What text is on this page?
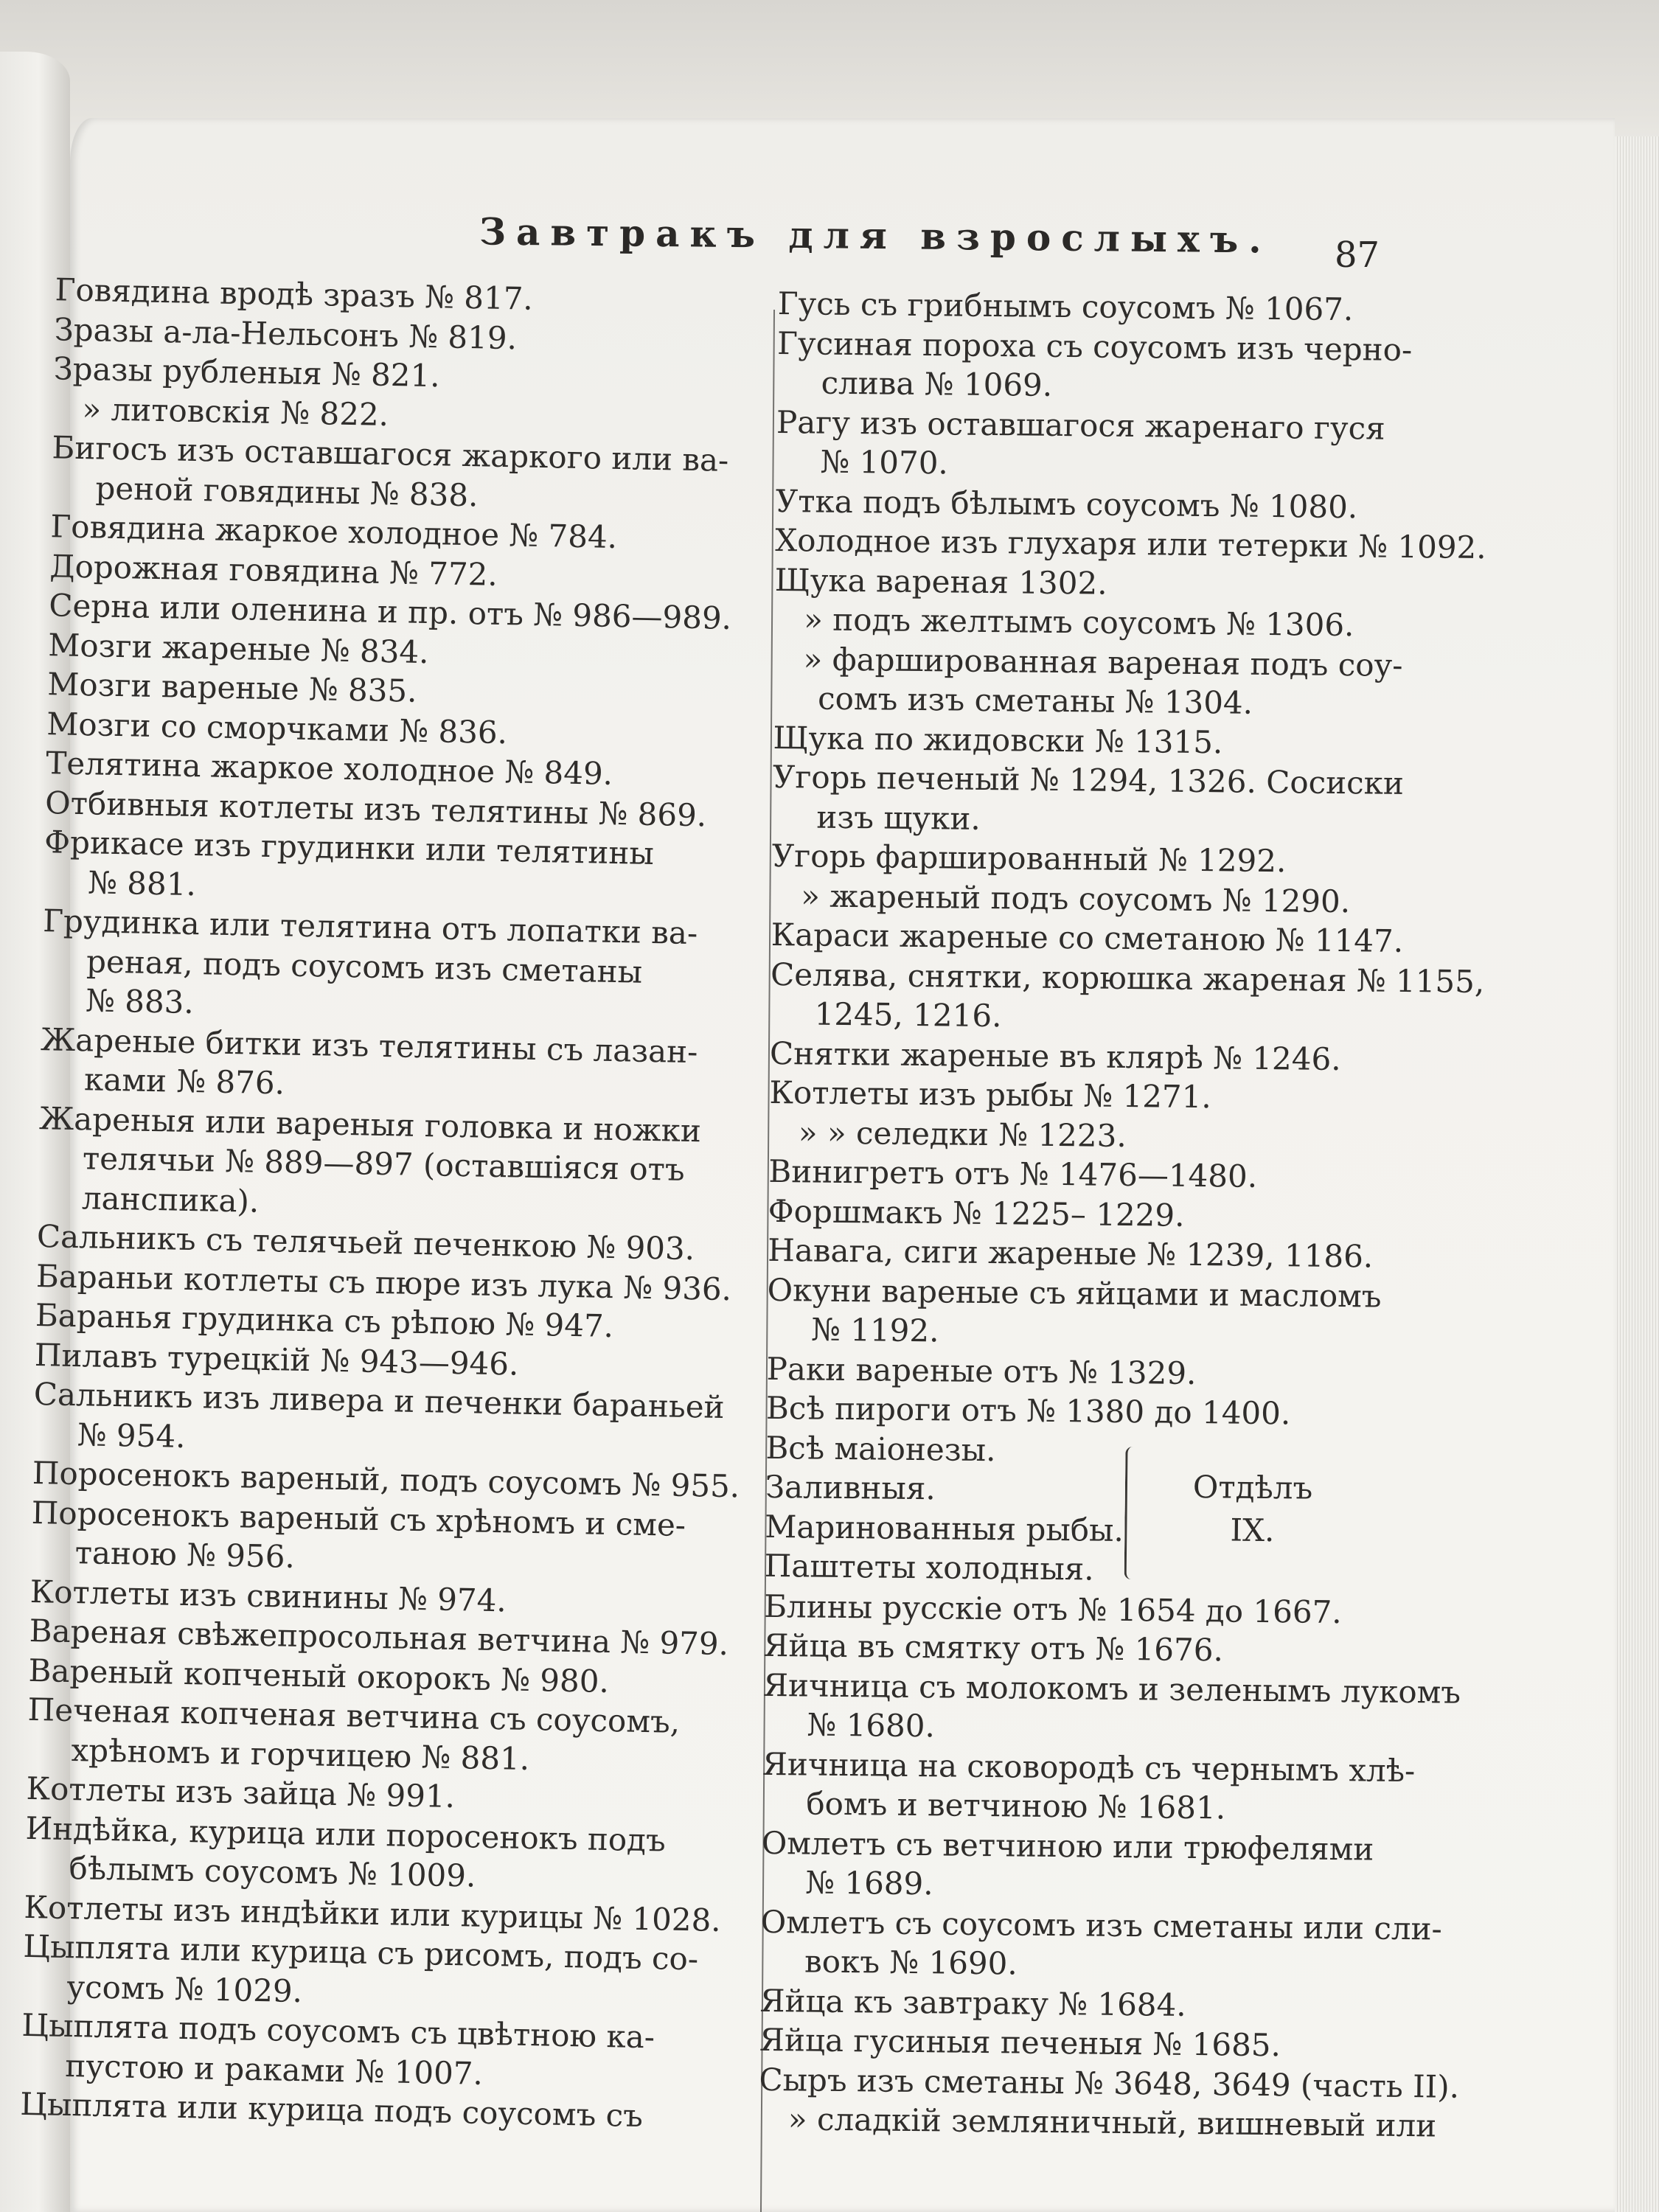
Завтракъ для взрослыхъ. 87
Говядина вродѣ зразъ № 817.
Зразы а-ла-Нельсонъ № 819.
Зразы рубленыя № 821.
» литовскія № 822.
Бигосъ изъ оставшагося жаркого или ва-
реной говядины № 838.
Говядина жаркое холодное № 784.
Дорожная говядина № 772.
Серна или оленина и пр. отъ № 986—989.
Мозги жареные № 834.
Мозги вареные № 835.
Мозги со сморчками № 836.
Телятина жаркое холодное № 849.
Отбивныя котлеты изъ телятины № 869.
Фрикасе изъ грудинки или телятины
№ 881.
Грудинка или телятина отъ лопатки ва-
реная, подъ соусомъ изъ сметаны
№ 883.
Жареные битки изъ телятины съ лазан-
ками № 876.
Жареныя или вареныя головка и ножки
телячьи № 889—897 (оставшіяся отъ
ланспика).
Сальникъ съ телячьей печенкою № 903.
Бараньи котлеты съ пюре изъ лука № 936.
Баранья грудинка съ рѣпою № 947.
Пилавъ турецкій № 943—946.
Сальникъ изъ ливера и печенки бараньей
№ 954.
Поросенокъ вареный, подъ соусомъ № 955.
Поросенокъ вареный съ хрѣномъ и сме-
таною № 956.
Котлеты изъ свинины № 974.
Вареная свѣжепросольная ветчина № 979.
Вареный копченый окорокъ № 980.
Печеная копченая ветчина съ соусомъ,
хрѣномъ и горчицею № 881.
Котлеты изъ зайца № 991.
Индѣйка, курица или поросенокъ подъ
бѣлымъ соусомъ № 1009.
Котлеты изъ индѣйки или курицы № 1028.
Цыплята или курица съ рисомъ, подъ со-
усомъ № 1029.
Цыплята подъ соусомъ съ цвѣтною ка-
пустою и раками № 1007.
Цыплята или курица подъ соусомъ съ
Гусь съ грибнымъ соусомъ № 1067.
Гусиная пороха съ соусомъ изъ черно-
слива № 1069.
Рагу изъ оставшагося жаренаго гуся
№ 1070.
Утка подъ бѣлымъ соусомъ № 1080.
Холодное изъ глухаря или тетерки № 1092.
Щука вареная 1302.
» подъ желтымъ соусомъ № 1306.
» фаршированная вареная подъ соу-
сомъ изъ сметаны № 1304.
Щука по жидовски № 1315.
Угорь печеный № 1294, 1326. Сосиски
изъ щуки.
Угорь фаршированный № 1292.
» жареный подъ соусомъ № 1290.
Караси жареные со сметаною № 1147.
Селява, снятки, корюшка жареная № 1155,
1245, 1216.
Снятки жареные въ клярѣ № 1246.
Котлеты изъ рыбы № 1271.
» » селедки № 1223.
Винигретъ отъ № 1476—1480.
Форшмакъ № 1225– 1229.
Навага, сиги жареные № 1239, 1186.
Окуни вареные съ яйцами и масломъ
№ 1192.
Раки вареные отъ № 1329.
Всѣ пироги отъ № 1380 до 1400.
Всѣ маіонезы.
Заливныя.
Маринованныя рыбы.
Паштеты холодныя.
Отдѣлъ
IX.
Блины русскіе отъ № 1654 до 1667.
Яйца въ смятку отъ № 1676.
Яичница съ молокомъ и зеленымъ лукомъ
№ 1680.
Яичница на сковородѣ съ чернымъ хлѣ-
бомъ и ветчиною № 1681.
Омлетъ съ ветчиною или трюфелями
№ 1689.
Омлетъ съ соусомъ изъ сметаны или сли-
вокъ № 1690.
Яйца къ завтраку № 1684.
Яйца гусиныя печеныя № 1685.
Сыръ изъ сметаны № 3648, 3649 (часть II).
» сладкій земляничный, вишневый или
